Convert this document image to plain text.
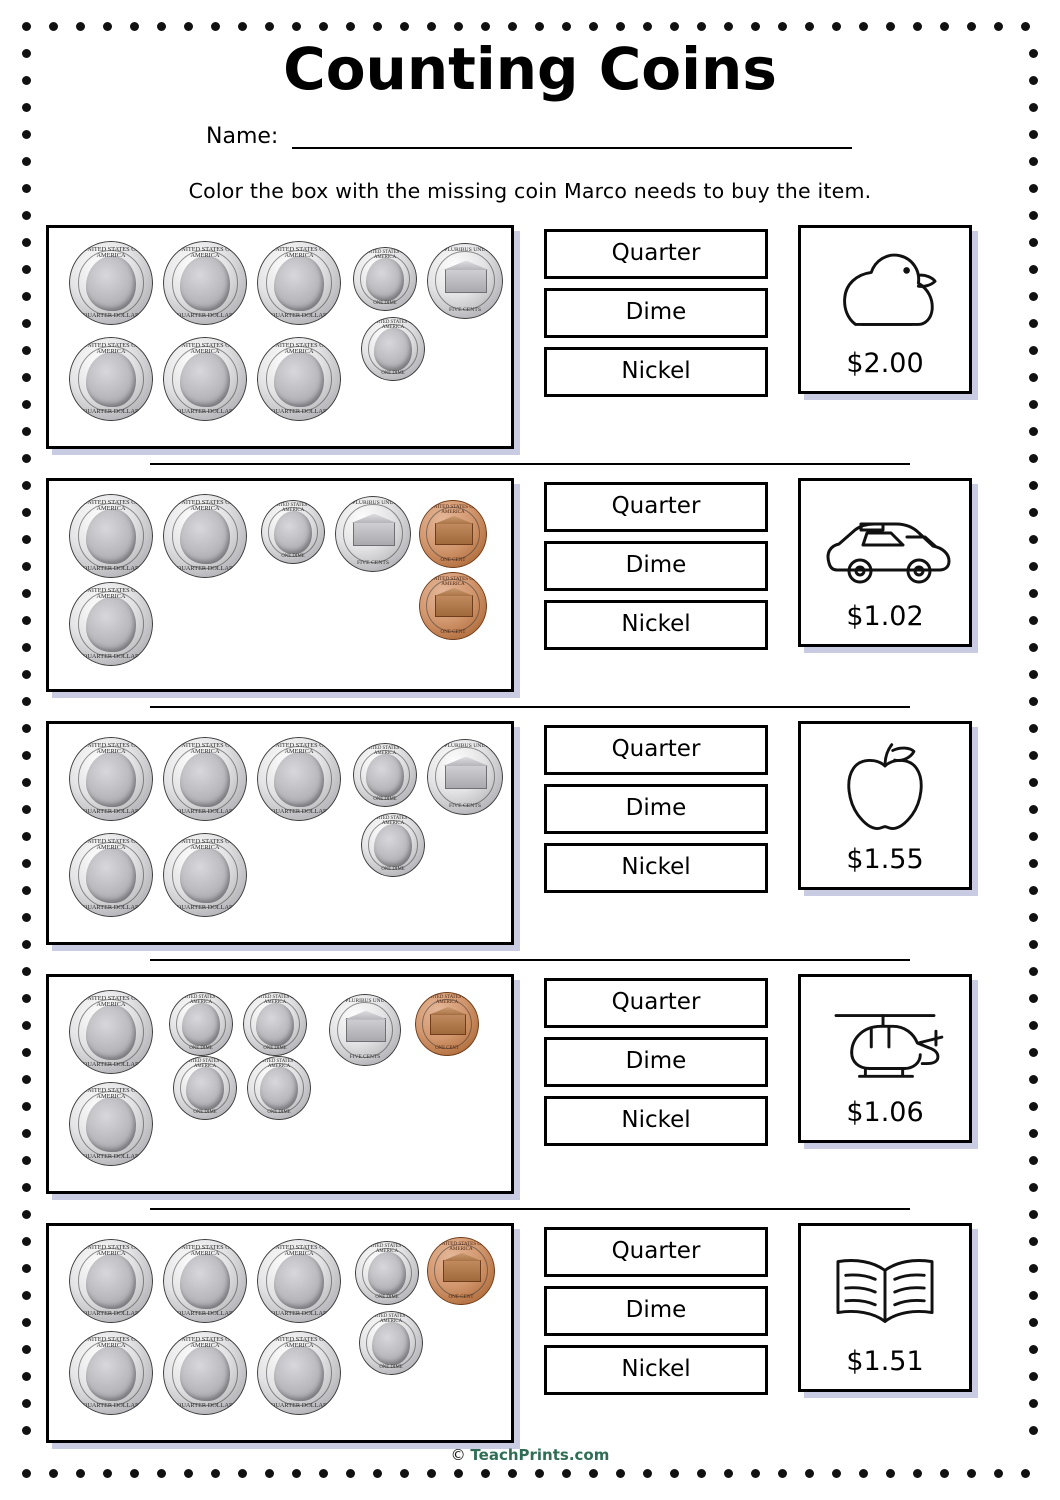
Counting Coins
Name:
Color the box with the missing coin Marco needs to buy the item.
UNITED STATES OF AMERICA
QUARTER DOLLAR
UNITED STATES OF AMERICA
QUARTER DOLLAR
UNITED STATES OF AMERICA
QUARTER DOLLAR
UNITED STATES OF AMERICA
ONE DIME
E PLURIBUS UNUM
FIVE CENTS
UNITED STATES OF AMERICA
ONE DIME
UNITED STATES OF AMERICA
QUARTER DOLLAR
UNITED STATES OF AMERICA
QUARTER DOLLAR
UNITED STATES OF AMERICA
QUARTER DOLLAR
Quarter
Dime
Nickel	$2.00
UNITED STATES OF AMERICA
QUARTER DOLLAR
UNITED STATES OF AMERICA
QUARTER DOLLAR
UNITED STATES OF AMERICA
ONE DIME
E PLURIBUS UNUM
FIVE CENTS
UNITED STATES OF AMERICA
ONE CENT
UNITED STATES OF AMERICA
ONE CENT
UNITED STATES OF AMERICA
QUARTER DOLLAR
Quarter
Dime
Nickel	$1.02
UNITED STATES OF AMERICA
QUARTER DOLLAR
UNITED STATES OF AMERICA
QUARTER DOLLAR
UNITED STATES OF AMERICA
QUARTER DOLLAR
UNITED STATES OF AMERICA
ONE DIME
E PLURIBUS UNUM
FIVE CENTS
UNITED STATES OF AMERICA
ONE DIME
UNITED STATES OF AMERICA
QUARTER DOLLAR
UNITED STATES OF AMERICA
QUARTER DOLLAR
Quarter
Dime
Nickel	$1.55
UNITED STATES OF AMERICA
QUARTER DOLLAR
UNITED STATES OF AMERICA
ONE DIME
UNITED STATES OF AMERICA
ONE DIME
E PLURIBUS UNUM
FIVE CENTS
UNITED STATES OF AMERICA
ONE CENT
UNITED STATES OF AMERICA
ONE DIME
UNITED STATES OF AMERICA
ONE DIME
UNITED STATES OF AMERICA
QUARTER DOLLAR
Quarter
Dime
Nickel	$1.06
UNITED STATES OF AMERICA
QUARTER DOLLAR
UNITED STATES OF AMERICA
QUARTER DOLLAR
UNITED STATES OF AMERICA
QUARTER DOLLAR
UNITED STATES OF AMERICA
ONE DIME
UNITED STATES OF AMERICA
ONE CENT
UNITED STATES OF AMERICA
ONE DIME
UNITED STATES OF AMERICA
QUARTER DOLLAR
UNITED STATES OF AMERICA
QUARTER DOLLAR
UNITED STATES OF AMERICA
QUARTER DOLLAR
Quarter
Dime
Nickel	$1.51
© TeachPrints.com
